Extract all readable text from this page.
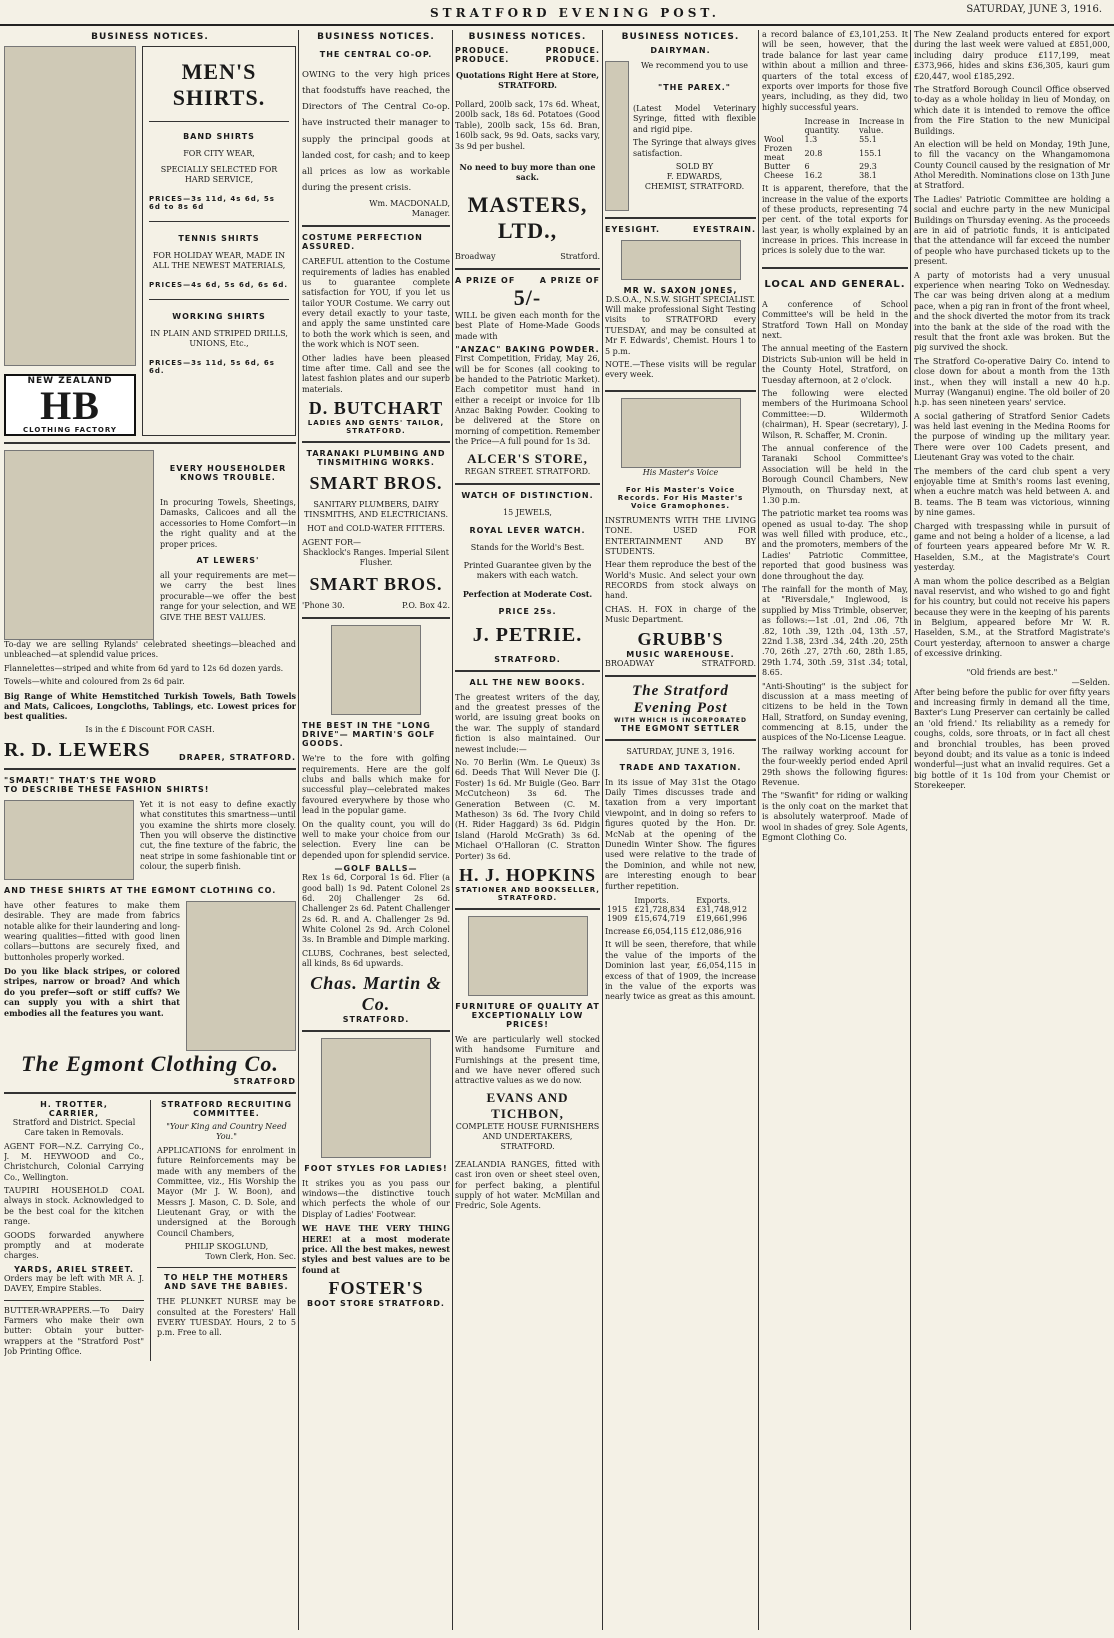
STRATFORD EVENING POST.	SATURDAY, JUNE 3, 1916.
BUSINESS NOTICES.
NEW ZEALAND
HB
CLOTHING FACTORY
MEN'S SHIRTS.
BAND SHIRTS
FOR CITY WEAR,
SPECIALLY SELECTED FOR HARD SERVICE,
PRICES—3s 11d, 4s 6d, 5s 6d to 8s 6d
TENNIS SHIRTS
FOR HOLIDAY WEAR, MADE IN ALL THE NEWEST MATERIALS,
PRICES—4s 6d, 5s 6d, 6s 6d.
WORKING SHIRTS
IN PLAIN AND STRIPED DRILLS, UNIONS, Etc.,
PRICES—3s 11d, 5s 6d, 6s 6d.
EVERY HOUSEHOLDER KNOWS TROUBLE.

In procuring Towels, Sheetings, Damasks, Calicoes and all the accessories to Home Comfort—in the right quality and at the proper prices.

AT LEWERS'

all your requirements are met—we carry the best lines procurable—we offer the best range for your selection, and WE GIVE THE BEST VALUES.

To-day we are selling Rylands' celebrated sheetings—bleached and unbleached—at splendid value prices.

Flannelettes—striped and white from 6d yard to 12s 6d dozen yards.

Towels—white and coloured from 2s 6d pair.

Big Range of White Hemstitched Turkish Towels, Bath Towels and Mats, Calicoes, Longcloths, Tablings, etc. Lowest prices for best qualities.

Is in the £ Discount FOR CASH.
R. D. LEWERS	DRAPER, STRATFORD.
"SMART!" THAT'S THE WORD
TO DESCRIBE THESE FASHION SHIRTS!

Yet it is not easy to define exactly what constitutes this smartness—until you examine the shirts more closely. Then you will observe the distinctive cut, the fine texture of the fabric, the neat stripe in some fashionable tint or colour, the superb finish.

AND THESE SHIRTS AT THE EGMONT CLOTHING CO.

have other features to make them desirable. They are made from fabrics notable alike for their laundering and long-wearing qualities—fitted with good linen collars—buttons are securely fixed, and buttonholes properly worked.

Do you like black stripes, or colored stripes, narrow or broad? And which do you prefer—soft or stiff cuffs? We can supply you with a shirt that embodies all the features you want.

The Egmont Clothing Co.
STRATFORD
H. TROTTER,
CARRIER,

Stratford and District. Special Care taken in Removals.

AGENT FOR—N.Z. Carrying Co., J. M. HEYWOOD and Co., Christchurch, Colonial Carrying Co., Wellington.

TAUPIRI HOUSEHOLD COAL always in stock. Acknowledged to be the best coal for the kitchen range.

GOODS forwarded anywhere promptly and at moderate charges.

YARDS, ARIEL STREET.

Orders may be left with MR A. J. DAVEY, Empire Stables.

BUTTER-WRAPPERS.—To Dairy Farmers who make their own butter: Obtain your butter-wrappers at the "Stratford Post" Job Printing Office.

STRATFORD RECRUITING COMMITTEE.
"Your King and Country Need You."

APPLICATIONS for enrolment in future Reinforcements may be made with any members of the Committee, viz., His Worship the Mayor (Mr J. W. Boon), and Messrs J. Mason, C. D. Sole, and Lieutenant Gray, or with the undersigned at the Borough Council Chambers,

PHILIP SKOGLUND,
Town Clerk, Hon. Sec.
TO HELP THE MOTHERS AND SAVE THE BABIES.

THE PLUNKET NURSE may be consulted at the Foresters' Hall EVERY TUESDAY. Hours, 2 to 5 p.m. Free to all.

BUSINESS NOTICES.
THE CENTRAL CO-OP.

OWING to the very high prices that foodstuffs have reached, the Directors of The Central Co-op. have instructed their manager to supply the principal goods at landed cost, for cash; and to keep all prices as low as workable during the present crisis.

Wm. MACDONALD,
Manager.
COSTUME PERFECTION ASSURED.

CAREFUL attention to the Costume requirements of ladies has enabled us to guarantee complete satisfaction for YOU, if you let us tailor YOUR Costume. We carry out every detail exactly to your taste, and apply the same unstinted care to both the work which is seen, and the work which is NOT seen.

Other ladies have been pleased time after time. Call and see the latest fashion plates and our superb materials.

D. BUTCHART
LADIES AND GENTS' TAILOR, STRATFORD.
TARANAKI PLUMBING AND TINSMITHING WORKS.
SMART BROS.
SANITARY PLUMBERS, DAIRY TINSMITHS, AND ELECTRICIANS.
HOT and COLD-WATER FITTERS.
AGENT FOR—
Shacklock's Ranges. Imperial Silent Flusher.
SMART BROS.
'Phone 30.	P.O. Box 42.
THE BEST IN THE "LONG DRIVE"— MARTIN'S GOLF GOODS.

We're to the fore with golfing requirements. Here are the golf clubs and balls which make for successful play—celebrated makes favoured everywhere by those who lead in the popular game.

On the quality count, you will do well to make your choice from our selection. Every line can be depended upon for splendid service.

—GOLF BALLS—

Rex 1s 6d, Corporal 1s 6d. Flier (a good ball) 1s 9d. Patent Colonel 2s 6d. 20j Challenger 2s 6d. Challenger 2s 6d. Patent Challenger 2s 6d. R. and A. Challenger 2s 9d. White Colonel 2s 9d. Arch Colonel 3s. In Bramble and Dimple marking.

CLUBS, Cochranes, best selected, all kinds, 8s 6d upwards.

Chas. Martin & Co.
STRATFORD.
FOOT STYLES FOR LADIES!

It strikes you as you pass our windows—the distinctive touch which perfects the whole of our Display of Ladies' Footwear.

WE HAVE THE VERY THING HERE! at a most moderate price. All the best makes, newest styles and best values are to be found at

FOSTER'S
BOOT STORE STRATFORD.
BUSINESS NOTICES.
PRODUCE.	PRODUCE.
PRODUCE.	PRODUCE.
Quotations Right Here at Store, STRATFORD.

Pollard, 200lb sack, 17s 6d. Wheat, 200lb sack, 18s 6d. Potatoes (Good Table), 200lb sack, 15s 6d. Bran, 160lb sack, 9s 9d. Oats, sacks vary, 3s 9d per bushel.

No need to buy more than one sack.
MASTERS, LTD.,
Broadway	Stratford.
A PRIZE OF	A PRIZE OF
5/-

WILL be given each month for the best Plate of Home-Made Goods made with

"ANZAC" BAKING POWDER.

First Competition, Friday, May 26, will be for Scones (all cooking to be handed to the Patriotic Market). Each competitor must hand in either a receipt or invoice for 1lb Anzac Baking Powder. Cooking to be delivered at the Store on morning of competition. Remember the Price—A full pound for 1s 3d.

ALCER'S STORE,
REGAN STREET. STRATFORD.
WATCH OF DISTINCTION.
15 JEWELS,
ROYAL LEVER WATCH.
Stands for the World's Best.
Printed Guarantee given by the makers with each watch.
Perfection at Moderate Cost.
PRICE 25s.
J. PETRIE.
STRATFORD.
ALL THE NEW BOOKS.

The greatest writers of the day, and the greatest presses of the world, are issuing great books on the war. The supply of standard fiction is also maintained. Our newest include:—

No. 70 Berlin (Wm. Le Queux) 3s 6d. Deeds That Will Never Die (J. Foster) 1s 6d. Mr Buigle (Geo. Barr McCutcheon) 3s 6d. The Generation Between (C. M. Matheson) 3s 6d. The Ivory Child (H. Rider Haggard) 3s 6d. Pidgin Island (Harold McGrath) 3s 6d. Michael O'Halloran (C. Stratton Porter) 3s 6d.

H. J. HOPKINS
STATIONER AND BOOKSELLER, STRATFORD.
FURNITURE OF QUALITY AT EXCEPTIONALLY LOW PRICES!

We are particularly well stocked with handsome Furniture and Furnishings at the present time, and we have never offered such attractive values as we do now.

EVANS AND TICHBON,
COMPLETE HOUSE FURNISHERS AND UNDERTAKERS, STRATFORD.

ZEALANDIA RANGES, fitted with cast iron oven or sheet steel oven, for perfect baking, a plentiful supply of hot water. McMillan and Fredric, Sole Agents.

BUSINESS NOTICES.
DAIRYMAN.
We recommend you to use
"THE PAREX."

(Latest Model Veterinary Syringe, fitted with flexible and rigid pipe.

The Syringe that always gives satisfaction.

SOLD BY
F. EDWARDS,
CHEMIST, STRATFORD.
EYESIGHT.	EYESTRAIN.
MR W. SAXON JONES,
D.S.O.A., N.S.W. SIGHT SPECIALIST.

Will make professional Sight Testing visits to STRATFORD every TUESDAY, and may be consulted at Mr F. Edwards', Chemist. Hours 1 to 5 p.m.

NOTE.—These visits will be regular every week.

His Master's Voice
For His Master's Voice Records. For His Master's Voice Gramophones.

INSTRUMENTS WITH THE LIVING TONE. USED FOR ENTERTAINMENT AND BY STUDENTS.

Hear them reproduce the best of the World's Music. And select your own RECORDS from stock always on hand.

CHAS. H. FOX in charge of the Music Department.

GRUBB'S
MUSIC WAREHOUSE.
BROADWAY	STRATFORD.
The Stratford Evening Post
WITH WHICH IS INCORPORATED
THE EGMONT SETTLER
SATURDAY, JUNE 3, 1916.
TRADE AND TAXATION.

In its issue of May 31st the Otago Daily Times discusses trade and taxation from a very important viewpoint, and in doing so refers to figures quoted by the Hon. Dr. McNab at the opening of the Dunedin Winter Show. The figures used were relative to the trade of the Dominion, and while not new, are interesting enough to bear further repetition.

	Imports.	Exports.
1915	£21,728,834	£31,748,912
1909	£15,674,719	£19,661,996

Increase £6,054,115 £12,086,916

It will be seen, therefore, that while the value of the imports of the Dominion last year, £6,054,115 in excess of that of 1909, the increase in the value of the exports was nearly twice as great as this amount.

a record balance of £3,101,253. It will be seen, however, that the trade balance for last year came within about a million and three-quarters of the total excess of exports over imports for those five years, including, as they did, two highly successful years.

	Increase in quantity.	Increase in value.
Wool	1.3	55.1
Frozen meat	20.8	155.1
Butter	6	29.3
Cheese	16.2	38.1

It is apparent, therefore, that the increase in the value of the exports of these products, representing 74 per cent. of the total exports for last year, is wholly explained by an increase in prices. This increase in prices is solely due to the war.

LOCAL AND GENERAL.

A conference of School Committee's will be held in the Stratford Town Hall on Monday next.

The annual meeting of the Eastern Districts Sub-union will be held in the County Hotel, Stratford, on Tuesday afternoon, at 2 o'clock.

The following were elected members of the Hurimoana School Committee:—D. Wildermoth (chairman), H. Spear (secretary), J. Wilson, R. Schaffer, M. Cronin.

The annual conference of the Taranaki School Committee's Association will be held in the Borough Council Chambers, New Plymouth, on Thursday next, at 1.30 p.m.

The patriotic market tea rooms was opened as usual to-day. The shop was well filled with produce, etc., and the promoters, members of the Ladies' Patriotic Committee, reported that good business was done throughout the day.

The rainfall for the month of May, at "Riversdale," Inglewood, is supplied by Miss Trimble, observer, as follows:—1st .01, 2nd .06, 7th .82, 10th .39, 12th .04, 13th .57, 22nd 1.38, 23rd .34, 24th .20, 25th .70, 26th .27, 27th .60, 28th 1.85, 29th 1.74, 30th .59, 31st .34; total, 8.65.

"Anti-Shouting" is the subject for discussion at a mass meeting of citizens to be held in the Town Hall, Stratford, on Sunday evening, commencing at 8.15, under the auspices of the No-License League.

The railway working account for the four-weekly period ended April 29th shows the following figures: Revenue.

The "Swanfit" for riding or walking is the only coat on the market that is absolutely waterproof. Made of wool in shades of grey. Sole Agents, Egmont Clothing Co.

The New Zealand products entered for export during the last week were valued at £851,000, including dairy produce £117,199, meat £373,966, hides and skins £36,305, kauri gum £20,447, wool £185,292.

The Stratford Borough Council Office observed to-day as a whole holiday in lieu of Monday, on which date it is intended to remove the office from the Fire Station to the new Municipal Buildings.

An election will be held on Monday, 19th June, to fill the vacancy on the Whangamomona County Council caused by the resignation of Mr Athol Meredith. Nominations close on 13th June at Stratford.

The Ladies' Patriotic Committee are holding a social and euchre party in the new Municipal Buildings on Thursday evening. As the proceeds are in aid of patriotic funds, it is anticipated that the attendance will far exceed the number of people who have purchased tickets up to the present.

A party of motorists had a very unusual experience when nearing Toko on Wednesday. The car was being driven along at a medium pace, when a pig ran in front of the front wheel, and the shock diverted the motor from its track into the bank at the side of the road with the result that the front axle was broken. But the pig survived the shock.

The Stratford Co-operative Dairy Co. intend to close down for about a month from the 13th inst., when they will install a new 40 h.p. Murray (Wanganui) engine. The old boiler of 20 h.p. has seen nineteen years' service.

A social gathering of Stratford Senior Cadets was held last evening in the Medina Rooms for the purpose of winding up the military year. There were over 100 Cadets present, and Lieutenant Gray was voted to the chair.

The members of the card club spent a very enjoyable time at Smith's rooms last evening, when a euchre match was held between A. and B. teams. The B team was victorious, winning by nine games.

Charged with trespassing while in pursuit of game and not being a holder of a license, a lad of fourteen years appeared before Mr W. R. Haselden, S.M., at the Magistrate's Court yesterday.

A man whom the police described as a Belgian naval reservist, and who wished to go and fight for his country, but could not receive his papers because they were in the keeping of his parents in Belgium, appeared before Mr W. R. Haselden, S.M., at the Stratford Magistrate's Court yesterday, afternoon to answer a charge of excessive drinking.

"Old friends are best."
—Selden.

After being before the public for over fifty years and increasing firmly in demand all the time, Baxter's Lung Preserver can certainly be called an 'old friend.' Its reliability as a remedy for coughs, colds, sore throats, or in fact all chest and bronchial troubles, has been proved beyond doubt; and its value as a tonic is indeed wonderful—just what an invalid requires. Get a big bottle of it 1s 10d from your Chemist or Storekeeper.
